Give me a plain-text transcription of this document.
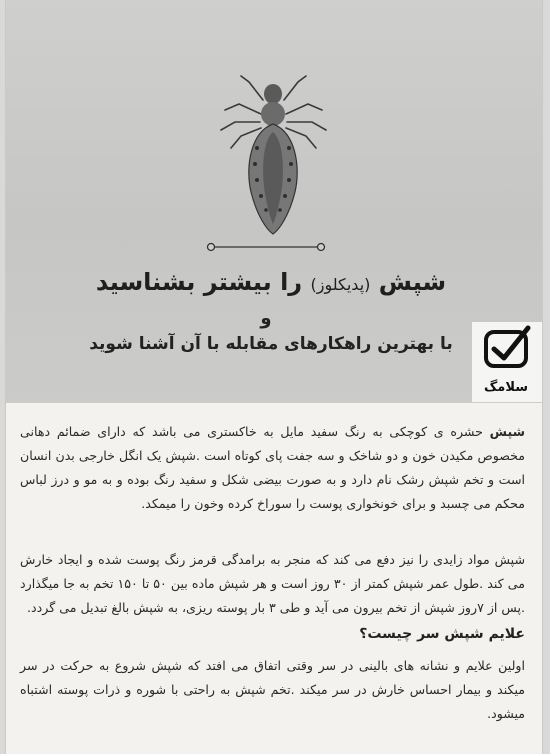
شپش (پدیکلوز) را بیشتر بشناسید
و
با بهترین راهکارهای مقابله با آن آشنا شوید
سلامگ
شپش حشره ی کوچکی به رنگ سفید مایل به خاکستری می باشد که دارای ضمائم دهانی مخصوص مکیدن خون و دو شاخک و سه جفت پای کوتاه است .شپش یک انگل خارجی بدن انسان است و تخم شپش رشک نام دارد و به صورت بیضی شکل و سفید رنگ بوده و به مو و درز لباس محکم می چسبد و برای خونخواری پوست را سوراخ کرده وخون را میمکد.
شپش مواد زایدی را نیز دفع می کند که منجر به برامدگی قرمز رنگ پوست شده و ایجاد خارش می کند .طول عمر شپش کمتر از ۳۰ روز است و هر شپش ماده بین ۵۰ تا ۱۵۰ تخم به جا میگذارد .پس از ۷روز شپش از تخم بیرون می آید و طی ۳ بار پوسته ریزی، به شپش بالغ تبدیل می گردد.
علایم شپش سر چیست؟
اولین علایم و نشانه های بالینی در سر وقتی اتفاق می افتد که شپش شروع به حرکت در سر میکند و بیمار احساس خارش در سر میکند .تخم شپش به راحتی با شوره و ذرات پوسته اشتباه میشود.
